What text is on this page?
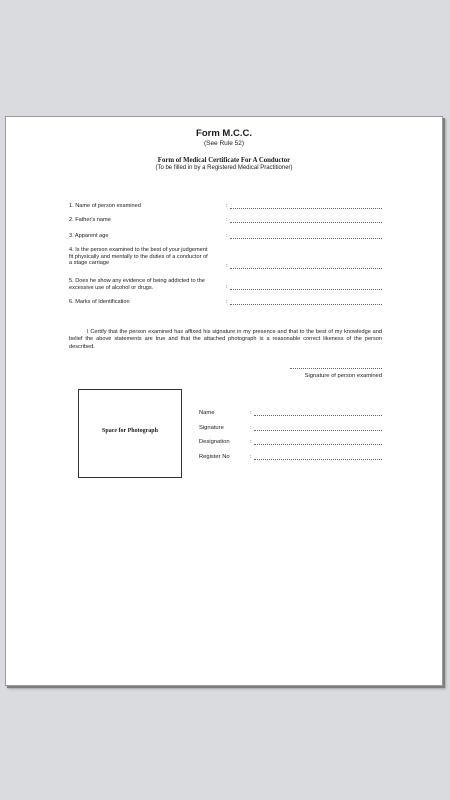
Form M.C.C.
(See Rule 52)
Form of Medical Certificate For A Conductor
(To be filled in by a Registered Medical Practitioner)
1. Name of person examined	:
2. Father's name	:
3. Apparent age	:
4. Is the person examined to the best of your judgement fit physically and mentally to the duties of a conductor of a stage carriage	:
5. Does he show any evidence of being addicted to the excessive use of alcohol or drugs.	:
6. Marks of Identification	:
I Certify that the person examined has affixed his signature in my presence and that to the best of my knowledge and belief the above statements are true and that the attached photograph is a reasonable correct likeness of the person described.
Signature of person examined
Space for Photograph
Name	:
Signature	:
Designation	:
Register No	:
